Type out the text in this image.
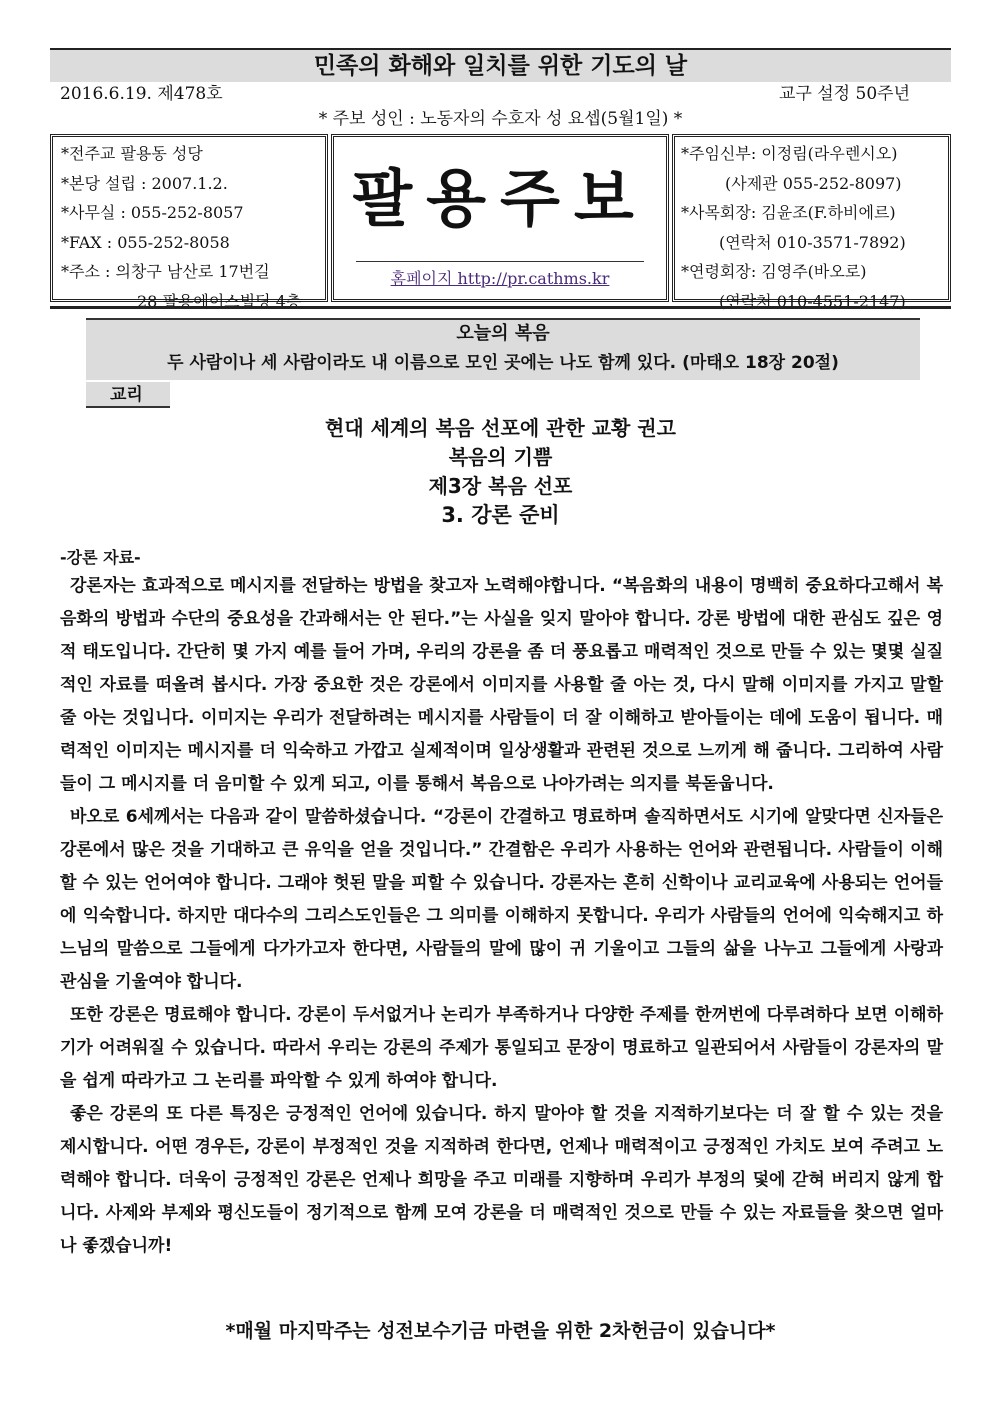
민족의 화해와 일치를 위한 기도의 날
2016.6.19. 제478호	교구 설정 50주년
* 주보 성인 : 노동자의 수호자 성 요셉(5월1일) *
*전주교 팔용동 성당
*본당 설립 : 2007.1.2.
*사무실 : 055-252-8057
*FAX : 055-252-8058
*주소 : 의창구 남산로 17번길
28 팔용에이스빌딩 4층
팔용주보
홈페이지 http://pr.cathms.kr
*주임신부: 이정림(라우렌시오)
(사제관 055-252-8097)
*사목회장: 김윤조(F.하비에르)
(연락처 010-3571-7892)
*연령회장: 김영주(바오로)
(연락처 010-4551-2147)
오늘의 복음
두 사람이나 세 사람이라도 내 이름으로 모인 곳에는 나도 함께 있다. (마태오 18장 20절)
교리
현대 세계의 복음 선포에 관한 교황 권고
복음의 기쁨
제3장 복음 선포
3. 강론 준비
-강론 자료-

강론자는 효과적으로 메시지를 전달하는 방법을 찾고자 노력해야합니다. “복음화의 내용이 명백히 중요하다고해서 복음화의 방법과 수단의 중요성을 간과해서는 안 된다.”는 사실을 잊지 말아야 합니다. 강론 방법에 대한 관심도 깊은 영적 태도입니다. 간단히 몇 가지 예를 들어 가며, 우리의 강론을 좀 더 풍요롭고 매력적인 것으로 만들 수 있는 몇몇 실질적인 자료를 떠올려 봅시다. 가장 중요한 것은 강론에서 이미지를 사용할 줄 아는 것, 다시 말해 이미지를 가지고 말할 줄 아는 것입니다. 이미지는 우리가 전달하려는 메시지를 사람들이 더 잘 이해하고 받아들이는 데에 도움이 됩니다. 매력적인 이미지는 메시지를 더 익숙하고 가깝고 실제적이며 일상생활과 관련된 것으로 느끼게 해 줍니다. 그리하여 사람들이 그 메시지를 더 음미할 수 있게 되고, 이를 통해서 복음으로 나아가려는 의지를 북돋웁니다.

바오로 6세께서는 다음과 같이 말씀하셨습니다. “강론이 간결하고 명료하며 솔직하면서도 시기에 알맞다면 신자들은 강론에서 많은 것을 기대하고 큰 유익을 얻을 것입니다.” 간결함은 우리가 사용하는 언어와 관련됩니다. 사람들이 이해할 수 있는 언어여야 합니다. 그래야 헛된 말을 피할 수 있습니다. 강론자는 흔히 신학이나 교리교육에 사용되는 언어들에 익숙합니다. 하지만 대다수의 그리스도인들은 그 의미를 이해하지 못합니다. 우리가 사람들의 언어에 익숙해지고 하느님의 말씀으로 그들에게 다가가고자 한다면, 사람들의 말에 많이 귀 기울이고 그들의 삶을 나누고 그들에게 사랑과 관심을 기울여야 합니다.

또한 강론은 명료해야 합니다. 강론이 두서없거나 논리가 부족하거나 다양한 주제를 한꺼번에 다루려하다 보면 이해하기가 어려워질 수 있습니다. 따라서 우리는 강론의 주제가 통일되고 문장이 명료하고 일관되어서 사람들이 강론자의 말을 쉽게 따라가고 그 논리를 파악할 수 있게 하여야 합니다.

좋은 강론의 또 다른 특징은 긍정적인 언어에 있습니다. 하지 말아야 할 것을 지적하기보다는 더 잘 할 수 있는 것을 제시합니다. 어떤 경우든, 강론이 부정적인 것을 지적하려 한다면, 언제나 매력적이고 긍정적인 가치도 보여 주려고 노력해야 합니다. 더욱이 긍정적인 강론은 언제나 희망을 주고 미래를 지향하며 우리가 부정의 덫에 갇혀 버리지 않게 합니다. 사제와 부제와 평신도들이 정기적으로 함께 모여 강론을 더 매력적인 것으로 만들 수 있는 자료들을 찾으면 얼마나 좋겠습니까!

*매월 마지막주는 성전보수기금 마련을 위한 2차헌금이 있습니다*
